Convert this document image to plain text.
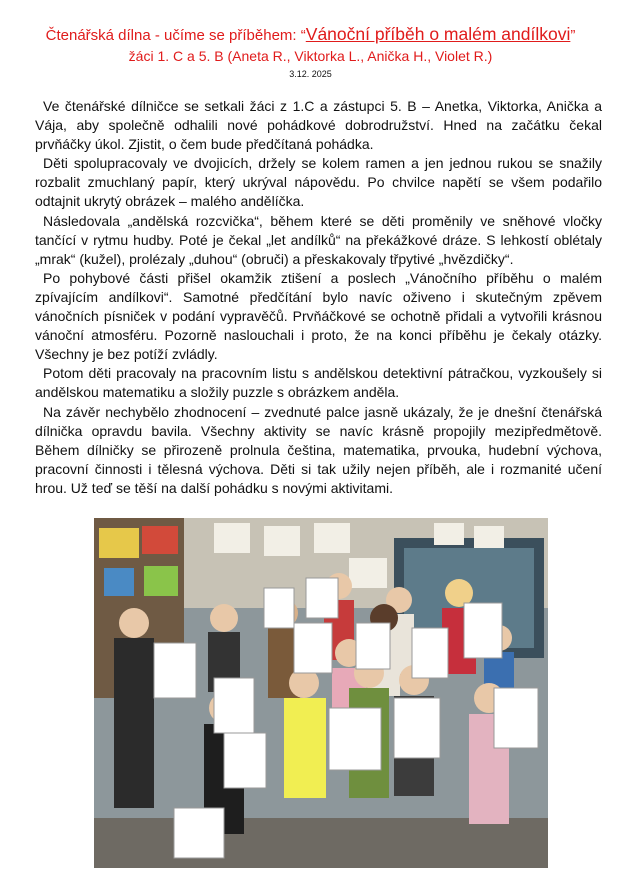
Čtenářská dílna - učíme se příběhem: “Vánoční příběh o malém andílkovi”
žáci 1. C a 5. B (Aneta R., Viktorka L., Anička H., Violet R.)
3.12. 2025

Ve čtenářské dílničce se setkali žáci z 1.C a zástupci 5. B – Anetka, Viktorka, Anička a Vája, aby společně odhalili nové pohádkové dobrodružství. Hned na začátku čekal prvňáčky úkol. Zjistit, o čem bude předčítaná pohádka.

Děti spolupracovaly ve dvojicích, držely se kolem ramen a jen jednou rukou se snažily rozbalit zmuchlaný papír, který ukrýval nápovědu. Po chvilce napětí se všem podařilo odtajnit ukrytý obrázek – malého andělíčka.

Následovala „andělská rozcvička“, během které se děti proměnily ve sněhové vločky tančící v rytmu hudby. Poté je čekal „let andílků“ na překážkové dráze. S lehkostí oblétaly „mrak“ (kužel), prolézaly „duhou“ (obruči) a přeskakovaly třpytivé „hvězdičky“.

Po pohybové části přišel okamžik ztišení a poslech „Vánočního příběhu o malém zpívajícím andílkovi“. Samotné předčítání bylo navíc oživeno i skutečným zpěvem vánočních písniček v podání vypravěčů. Prvňáčkové se ochotně přidali a vytvořili krásnou vánoční atmosféru. Pozorně naslouchali i proto, že na konci příběhu je čekaly otázky. Všechny je bez potíží zvládly.

Potom děti pracovaly na pracovním listu s andělskou detektivní pátračkou, vyzkoušely si andělskou matematiku a složily puzzle s obrázkem anděla.

Na závěr nechybělo zhodnocení – zvednuté palce jasně ukázaly, že je dnešní čtenářská dílnička opravdu bavila. Všechny aktivity se navíc krásně propojily mezipředmětově. Během dílničky se přirozeně prolnula čeština, matematika, prvouka, hudební výchova, pracovní činnosti i tělesná výchova. Děti si tak užily nejen příběh, ale i rozmanité učení hrou. Už teď se těší na další pohádku s novými aktivitami.
